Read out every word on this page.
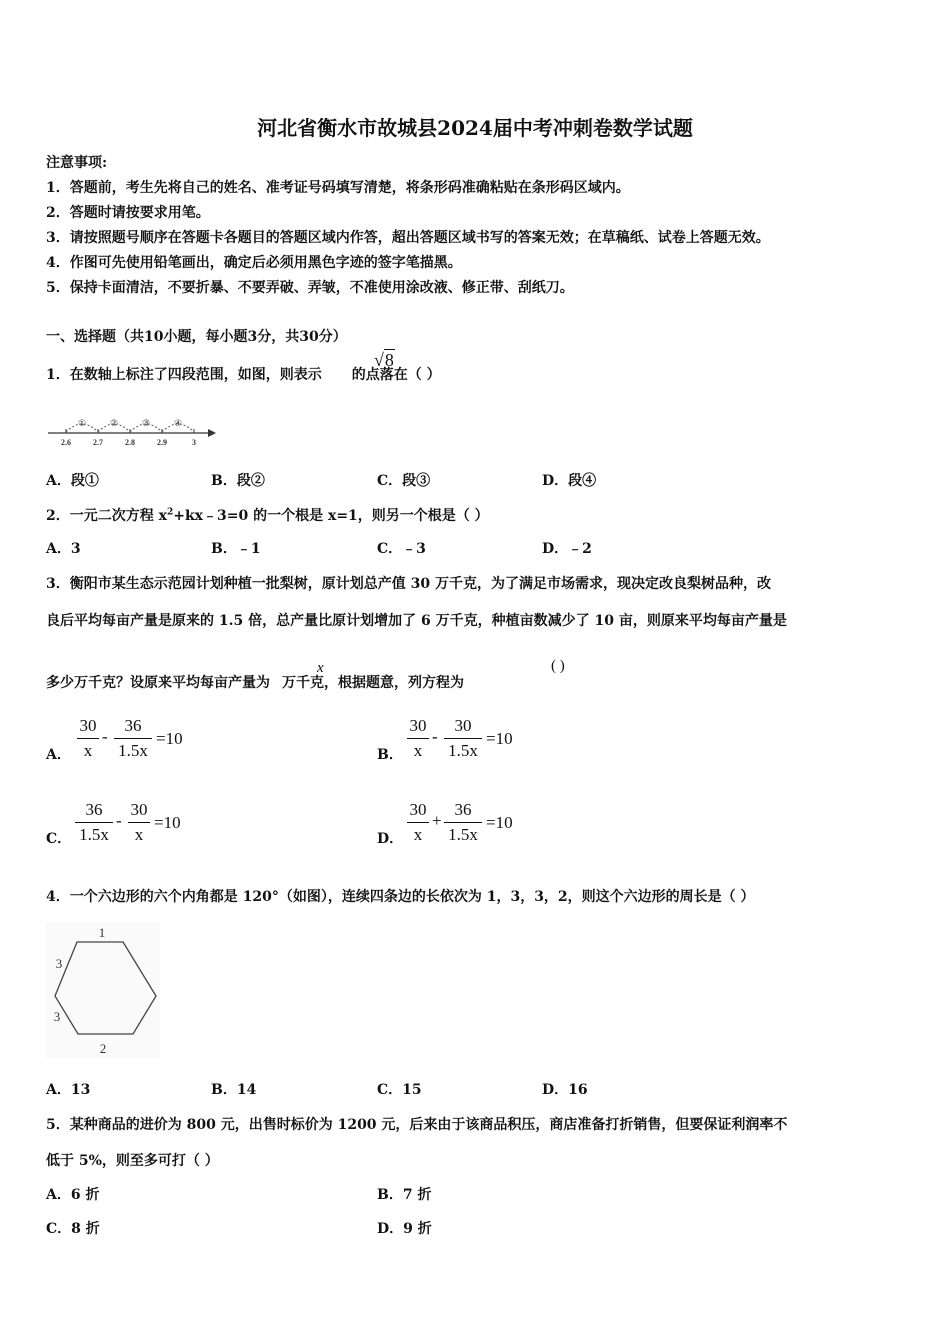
河北省衡水市故城县2024届中考冲刺卷数学试题
注意事项:
1．答题前，考生先将自己的姓名、准考证号码填写清楚，将条形码准确粘贴在条形码区域内。
2．答题时请按要求用笔。
3．请按照题号顺序在答题卡各题目的答题区域内作答，超出答题区域书写的答案无效；在草稿纸、试卷上答题无效。
4．作图可先使用铅笔画出，确定后必须用黑色字迹的签字笔描黑。
5．保持卡面清洁，不要折暴、不要弄破、弄皱，不准使用涂改液、修正带、刮纸刀。
一、选择题（共10小题，每小题3分，共30分）
1．在数轴上标注了四段范围，如图，则表示 的点落在（ ）
√8
①	②	③	④
2.6	2.7	2.8	2.9	3
A．段①	B．段②	C．段③	D．段④
2．一元二次方程 $x^2+kx﹣3=0$ 的一个根是 x=1，则另一个根是（ ）
A．3	B．﹣1	C．﹣3	D．﹣2
3．衡阳市某生态示范园计划种植一批梨树，原计划总产值 30 万千克，为了满足市场需求，现决定改良梨树品种，改
良后平均每亩产量是原来的 1.5 倍，总产量比原计划增加了 6 万千克，种植亩数减少了 10 亩，则原来平均每亩产量是
多少万千克？设原来平均每亩产量为 万千克，根据题意，列方程为
x	( )
A． $\frac{30}{x} - \frac{36}{1.5x} =10$
B． $\frac{30}{x} - \frac{30}{1.5x} =10$
C． $\frac{36}{1.5x} - \frac{30}{x} =10$
D． $\frac{30}{x} + \frac{36}{1.5x} =10$
4．一个六边形的六个内角都是 120°（如图），连续四条边的长依次为 1，3，3，2，则这个六边形的周长是（ ）
1
3
3
2
A．13	B．14	C．15	D．16
5．某种商品的进价为 800 元，出售时标价为 1200 元，后来由于该商品积压，商店准备打折销售，但要保证利润率不
低于 5%，则至多可打（ ）
A．6 折	B．7 折
C．8 折	D．9 折
